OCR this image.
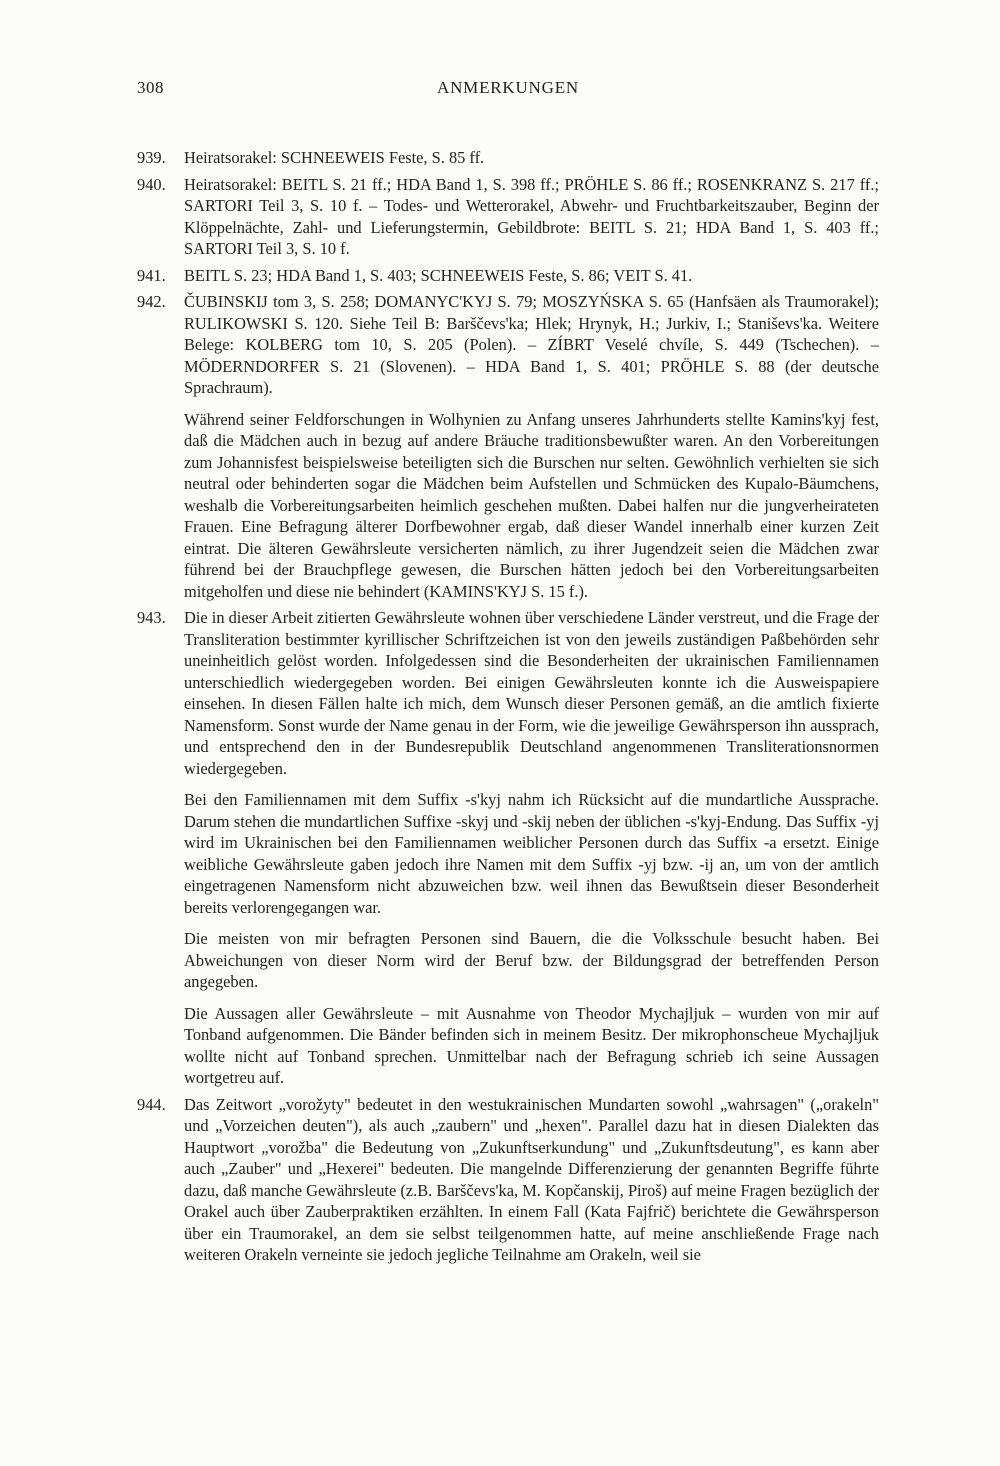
308	ANMERKUNGEN
939.	Heiratsorakel: SCHNEEWEIS Feste, S. 85 ff.

940.	Heiratsorakel: BEITL S. 21 ff.; HDA Band 1, S. 398 ff.; PRÖHLE S. 86 ff.; ROSENKRANZ S. 217 ff.; SARTORI Teil 3, S. 10 f. – Todes- und Wetterorakel, Abwehr- und Fruchtbarkeitszauber, Beginn der Klöppelnächte, Zahl- und Lieferungstermin, Gebildbrote: BEITL S. 21; HDA Band 1, S. 403 ff.; SARTORI Teil 3, S. 10 f.

941.	BEITL S. 23; HDA Band 1, S. 403; SCHNEEWEIS Feste, S. 86; VEIT S. 41.

942.	ČUBINSKIJ tom 3, S. 258; DOMANYC'KYJ S. 79; MOSZYŃSKA S. 65 (Hanfsäen als Traumorakel); RULIKOWSKI S. 120. Siehe Teil B: Barščevs'ka; Hlek; Hrynyk, H.; Jurkiv, I.; Stanišеvs'ka. Weitere Belege: KOLBERG tom 10, S. 205 (Polen). – ZÍBRT Veselé chvíle, S. 449 (Tschechen). – MÖDERNDORFER S. 21 (Slovenen). – HDA Band 1, S. 401; PRÖHLE S. 88 (der deutsche Sprachraum).

Während seiner Feldforschungen in Wolhynien zu Anfang unseres Jahrhunderts stellte Kamins'kyj fest, daß die Mädchen auch in bezug auf andere Bräuche traditionsbewußter waren. An den Vorbereitungen zum Johannisfest beispielsweise beteiligten sich die Burschen nur selten. Gewöhnlich verhielten sie sich neutral oder behinderten sogar die Mädchen beim Aufstellen und Schmücken des Kupalo-Bäumchens, weshalb die Vorbereitungsarbeiten heimlich geschehen mußten. Dabei halfen nur die jungverheirateten Frauen. Eine Befragung älterer Dorfbewohner ergab, daß dieser Wandel innerhalb einer kurzen Zeit eintrat. Die älteren Gewährsleute versicherten nämlich, zu ihrer Jugendzeit seien die Mädchen zwar führend bei der Brauchpflege gewesen, die Burschen hätten jedoch bei den Vorbereitungsarbeiten mitgeholfen und diese nie behindert (KAMINS'KYJ S. 15 f.).

943.	Die in dieser Arbeit zitierten Gewährsleute wohnen über verschiedene Länder verstreut, und die Frage der Transliteration bestimmter kyrillischer Schriftzeichen ist von den jeweils zuständigen Paßbehörden sehr uneinheitlich gelöst worden. Infolgedessen sind die Besonderheiten der ukrainischen Familiennamen unterschiedlich wiedergegeben worden. Bei einigen Gewährsleuten konnte ich die Ausweispapiere einsehen. In diesen Fällen halte ich mich, dem Wunsch dieser Personen gemäß, an die amtlich fixierte Namensform. Sonst wurde der Name genau in der Form, wie die jeweilige Gewährsperson ihn aussprach, und entsprechend den in der Bundesrepublik Deutschland angenommenen Transliterationsnormen wiedergegeben.

Bei den Familiennamen mit dem Suffix -s'kyj nahm ich Rücksicht auf die mundartliche Aussprache. Darum stehen die mundartlichen Suffixe -skyj und -skij neben der üblichen -s'kyj-Endung. Das Suffix -yj wird im Ukrainischen bei den Familiennamen weiblicher Personen durch das Suffix -a ersetzt. Einige weibliche Gewährsleute gaben jedoch ihre Namen mit dem Suffix -yj bzw. -ij an, um von der amtlich eingetragenen Namensform nicht abzuweichen bzw. weil ihnen das Bewußtsein dieser Besonderheit bereits verlorengegangen war.

Die meisten von mir befragten Personen sind Bauern, die die Volksschule besucht haben. Bei Abweichungen von dieser Norm wird der Beruf bzw. der Bildungsgrad der betreffenden Person angegeben.

Die Aussagen aller Gewährsleute – mit Ausnahme von Theodor Mychajljuk – wurden von mir auf Tonband aufgenommen. Die Bänder befinden sich in meinem Besitz. Der mikrophonscheue Mychajljuk wollte nicht auf Tonband sprechen. Unmittelbar nach der Befragung schrieb ich seine Aussagen wortgetreu auf.

944.	Das Zeitwort „vorožyty" bedeutet in den westukrainischen Mundarten sowohl „wahrsagen" („orakeln" und „Vorzeichen deuten"), als auch „zaubern" und „hexen". Parallel dazu hat in diesen Dialekten das Hauptwort „vorožba" die Bedeutung von „Zukunftserkundung" und „Zukunftsdeutung", es kann aber auch „Zauber" und „Hexerei" bedeuten. Die mangelnde Differenzierung der genannten Begriffe führte dazu, daß manche Gewährsleute (z.B. Barščevs'ka, M. Kopčanskij, Piroš) auf meine Fragen bezüglich der Orakel auch über Zauberpraktiken erzählten. In einem Fall (Kata Fajfrič) berichtete die Gewährsperson über ein Traumorakel, an dem sie selbst teilgenommen hatte, auf meine anschließende Frage nach weiteren Orakeln verneinte sie jedoch jegliche Teilnahme am Orakeln, weil sie
